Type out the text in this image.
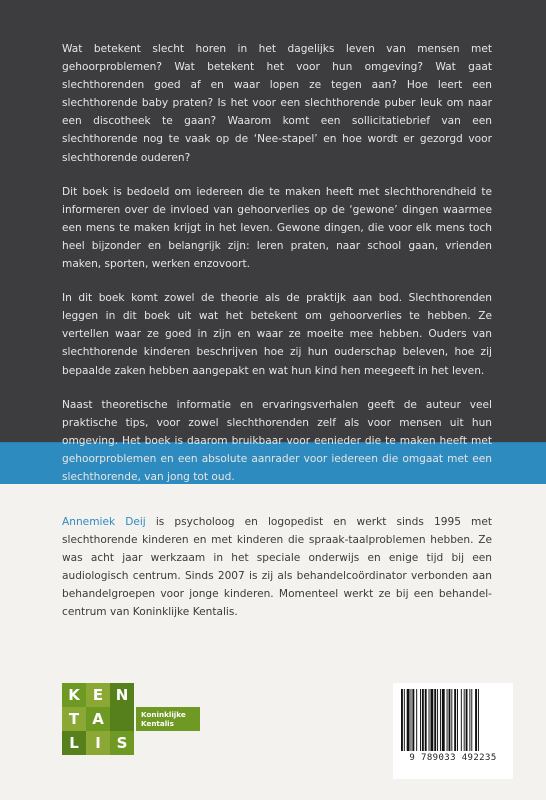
Wat betekent slecht horen in het dagelijks leven van mensen met gehoorproblemen? Wat betekent het voor hun omgeving? Wat gaat slechthorenden goed af en waar lopen ze tegen aan? Hoe leert een slechthorende baby praten? Is het voor een slechthorende puber leuk om naar een discotheek te gaan? Waarom komt een sollicitatiebrief van een slechthorende nog te vaak op de ‘Nee-stapel’ en hoe wordt er gezorgd voor slechthorende ouderen?

Dit boek is bedoeld om iedereen die te maken heeft met slechthorendheid te informeren over de invloed van gehoorverlies op de ‘gewone’ dingen waarmee een mens te maken krijgt in het leven. Gewone dingen, die voor elk mens toch heel bijzonder en belangrijk zijn: leren praten, naar school gaan, vrienden maken, sporten, werken enzovoort.

In dit boek komt zowel de theorie als de praktijk aan bod. Slechthorenden leggen in dit boek uit wat het betekent om gehoorverlies te hebben. Ze vertellen waar ze goed in zijn en waar ze moeite mee hebben. Ouders van slechthorende kinderen beschrijven hoe zij hun ouderschap beleven, hoe zij bepaalde zaken hebben aangepakt en wat hun kind hen meegeeft in het leven.

Naast theoretische informatie en ervaringsverhalen geeft de auteur veel praktische tips, voor zowel slechthorenden zelf als voor mensen uit hun omgeving. Het boek is daarom bruikbaar voor eenieder die te maken heeft met gehoorproblemen en een absolute aanrader voor iedereen die omgaat met een slechthorende, van jong tot oud.

Annemiek Deij is psycholoog en logopedist en werkt sinds 1995 met slechthorende kinderen en met kinderen die spraak-taalproblemen hebben. Ze was acht jaar werkzaam in het speciale onderwijs en enige tijd bij een audiologisch centrum. Sinds 2007 is zij als behandelcoördinator verbonden aan behandelgroepen voor jonge kinderen. Momenteel werkt ze bij een behandel- centrum van Koninklijke Kentalis.
K E N
T A
L	I	S
Koninklijke
Kentalis
9 789033 492235
